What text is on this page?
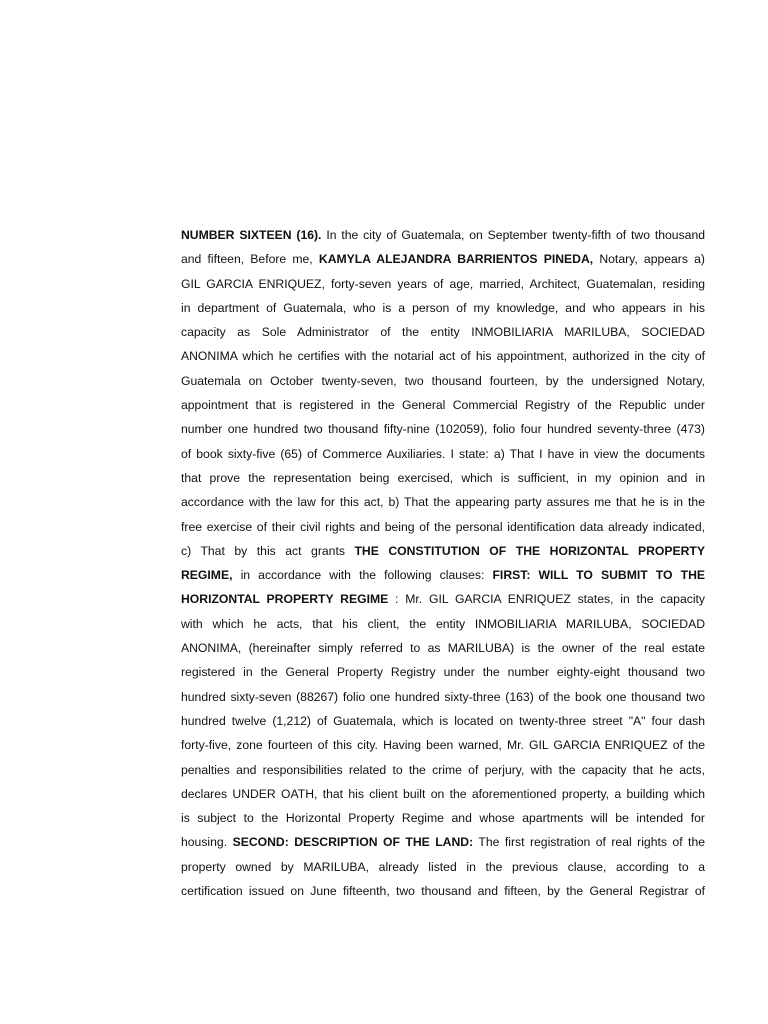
NUMBER SIXTEEN (16). In the city of Guatemala, on September twenty-fifth of two thousand
and fifteen, Before me, KAMYLA ALEJANDRA BARRIENTOS PINEDA, Notary, appears a)
GIL GARCIA ENRIQUEZ, forty-seven years of age, married, Architect, Guatemalan, residing
in department of Guatemala, who is a person of my knowledge, and who appears in his
capacity as Sole Administrator of the entity INMOBILIARIA MARILUBA, SOCIEDAD
ANONIMA which he certifies with the notarial act of his appointment, authorized in the city of
Guatemala on October twenty-seven, two thousand fourteen, by the undersigned Notary,
appointment that is registered in the General Commercial Registry of the Republic under
number one hundred two thousand fifty-nine (102059), folio four hundred seventy-three (473)
of book sixty-five (65) of Commerce Auxiliaries. I state: a) That I have in view the documents
that prove the representation being exercised, which is sufficient, in my opinion and in
accordance with the law for this act, b) That the appearing party assures me that he is in the
free exercise of their civil rights and being of the personal identification data already indicated,
c) That by this act grants THE CONSTITUTION OF THE HORIZONTAL PROPERTY
REGIME, in accordance with the following clauses: FIRST: WILL TO SUBMIT TO THE
HORIZONTAL PROPERTY REGIME : Mr. GIL GARCIA ENRIQUEZ states, in the capacity
with which he acts, that his client, the entity INMOBILIARIA MARILUBA, SOCIEDAD
ANONIMA, (hereinafter simply referred to as MARILUBA) is the owner of the real estate
registered in the General Property Registry under the number eighty-eight thousand two
hundred sixty-seven (88267) folio one hundred sixty-three (163) of the book one thousand two
hundred twelve (1,212) of Guatemala, which is located on twenty-three street "A" four dash
forty-five, zone fourteen of this city. Having been warned, Mr. GIL GARCIA ENRIQUEZ of the
penalties and responsibilities related to the crime of perjury, with the capacity that he acts,
declares UNDER OATH, that his client built on the aforementioned property, a building which
is subject to the Horizontal Property Regime and whose apartments will be intended for
housing. SECOND: DESCRIPTION OF THE LAND: The first registration of real rights of the
property owned by MARILUBA, already listed in the previous clause, according to a
certification issued on June fifteenth, two thousand and fifteen, by the General Registrar of
